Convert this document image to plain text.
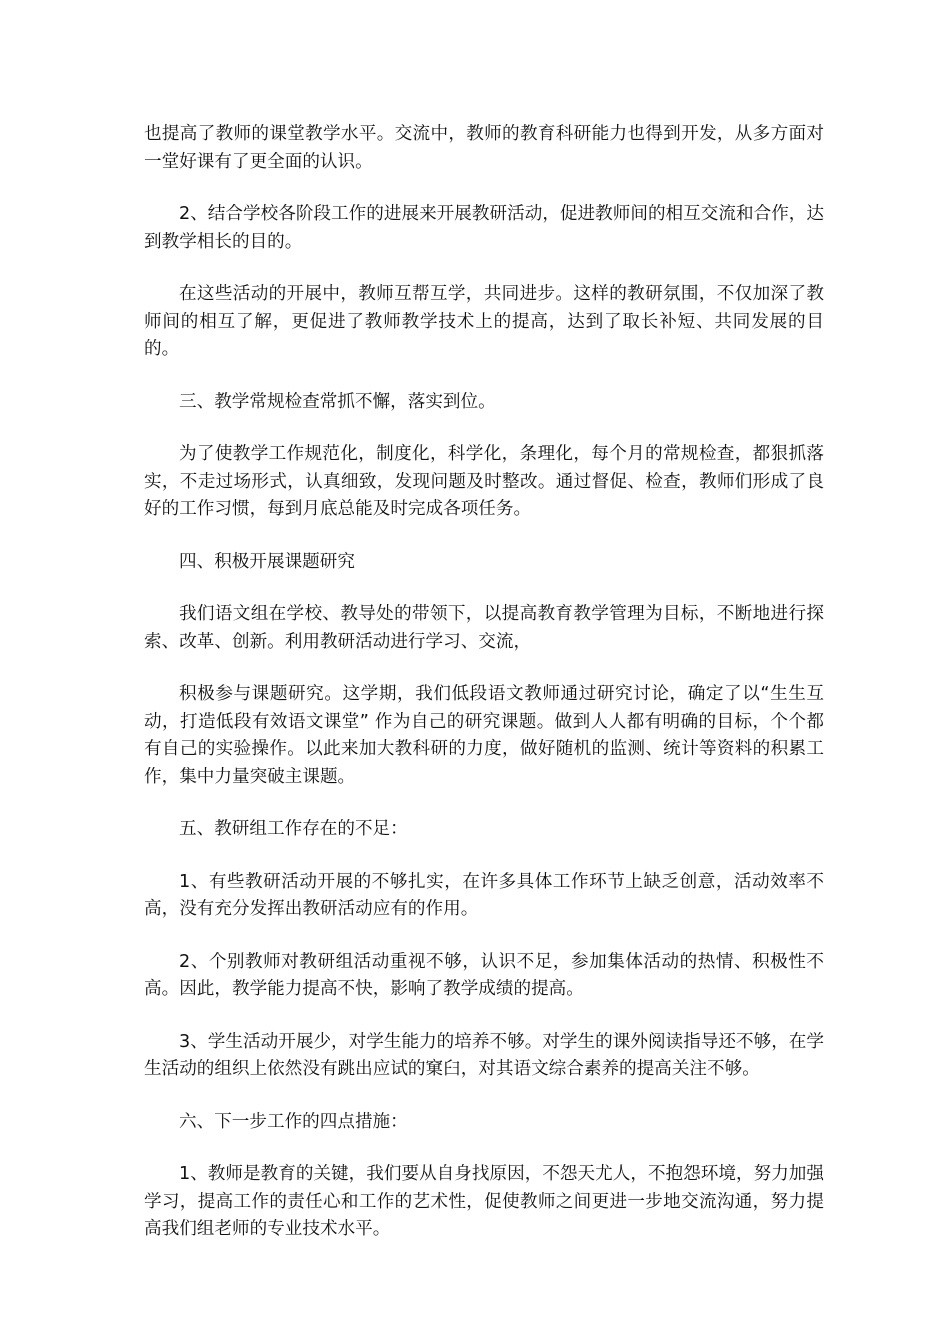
也提高了教师的课堂教学水平。交流中，教师的教育科研能力也得到开发，从多方面对一堂好课有了更全面的认识。

2、结合学校各阶段工作的进展来开展教研活动，促进教师间的相互交流和合作，达到教学相长的目的。

在这些活动的开展中，教师互帮互学，共同进步。这样的教研氛围，不仅加深了教师间的相互了解，更促进了教师教学技术上的提高，达到了取长补短、共同发展的目的。

三、教学常规检查常抓不懈，落实到位。

为了使教学工作规范化，制度化，科学化，条理化，每个月的常规检查，都狠抓落实，不走过场形式，认真细致，发现问题及时整改。通过督促、检查，教师们形成了良好的工作习惯，每到月底总能及时完成各项任务。

四、积极开展课题研究

我们语文组在学校、教导处的带领下，以提高教育教学管理为目标，不断地进行探索、改革、创新。利用教研活动进行学习、交流，

积极参与课题研究。这学期，我们低段语文教师通过研究讨论，确定了以“生生互动，打造低段有效语文课堂” 作为自己的研究课题。做到人人都有明确的目标，个个都有自己的实验操作。以此来加大教科研的力度，做好随机的监测、统计等资料的积累工作，集中力量突破主课题。

五、教研组工作存在的不足：

1、有些教研活动开展的不够扎实，在许多具体工作环节上缺乏创意，活动效率不高，没有充分发挥出教研活动应有的作用。

2、个别教师对教研组活动重视不够，认识不足，参加集体活动的热情、积极性不高。因此，教学能力提高不快，影响了教学成绩的提高。

3、学生活动开展少，对学生能力的培养不够。对学生的课外阅读指导还不够，在学生活动的组织上依然没有跳出应试的窠臼，对其语文综合素养的提高关注不够。

六、下一步工作的四点措施：

1、教师是教育的关键，我们要从自身找原因，不怨天尤人，不抱怨环境，努力加强学习，提高工作的责任心和工作的艺术性，促使教师之间更进一步地交流沟通，努力提高我们组老师的专业技术水平。
